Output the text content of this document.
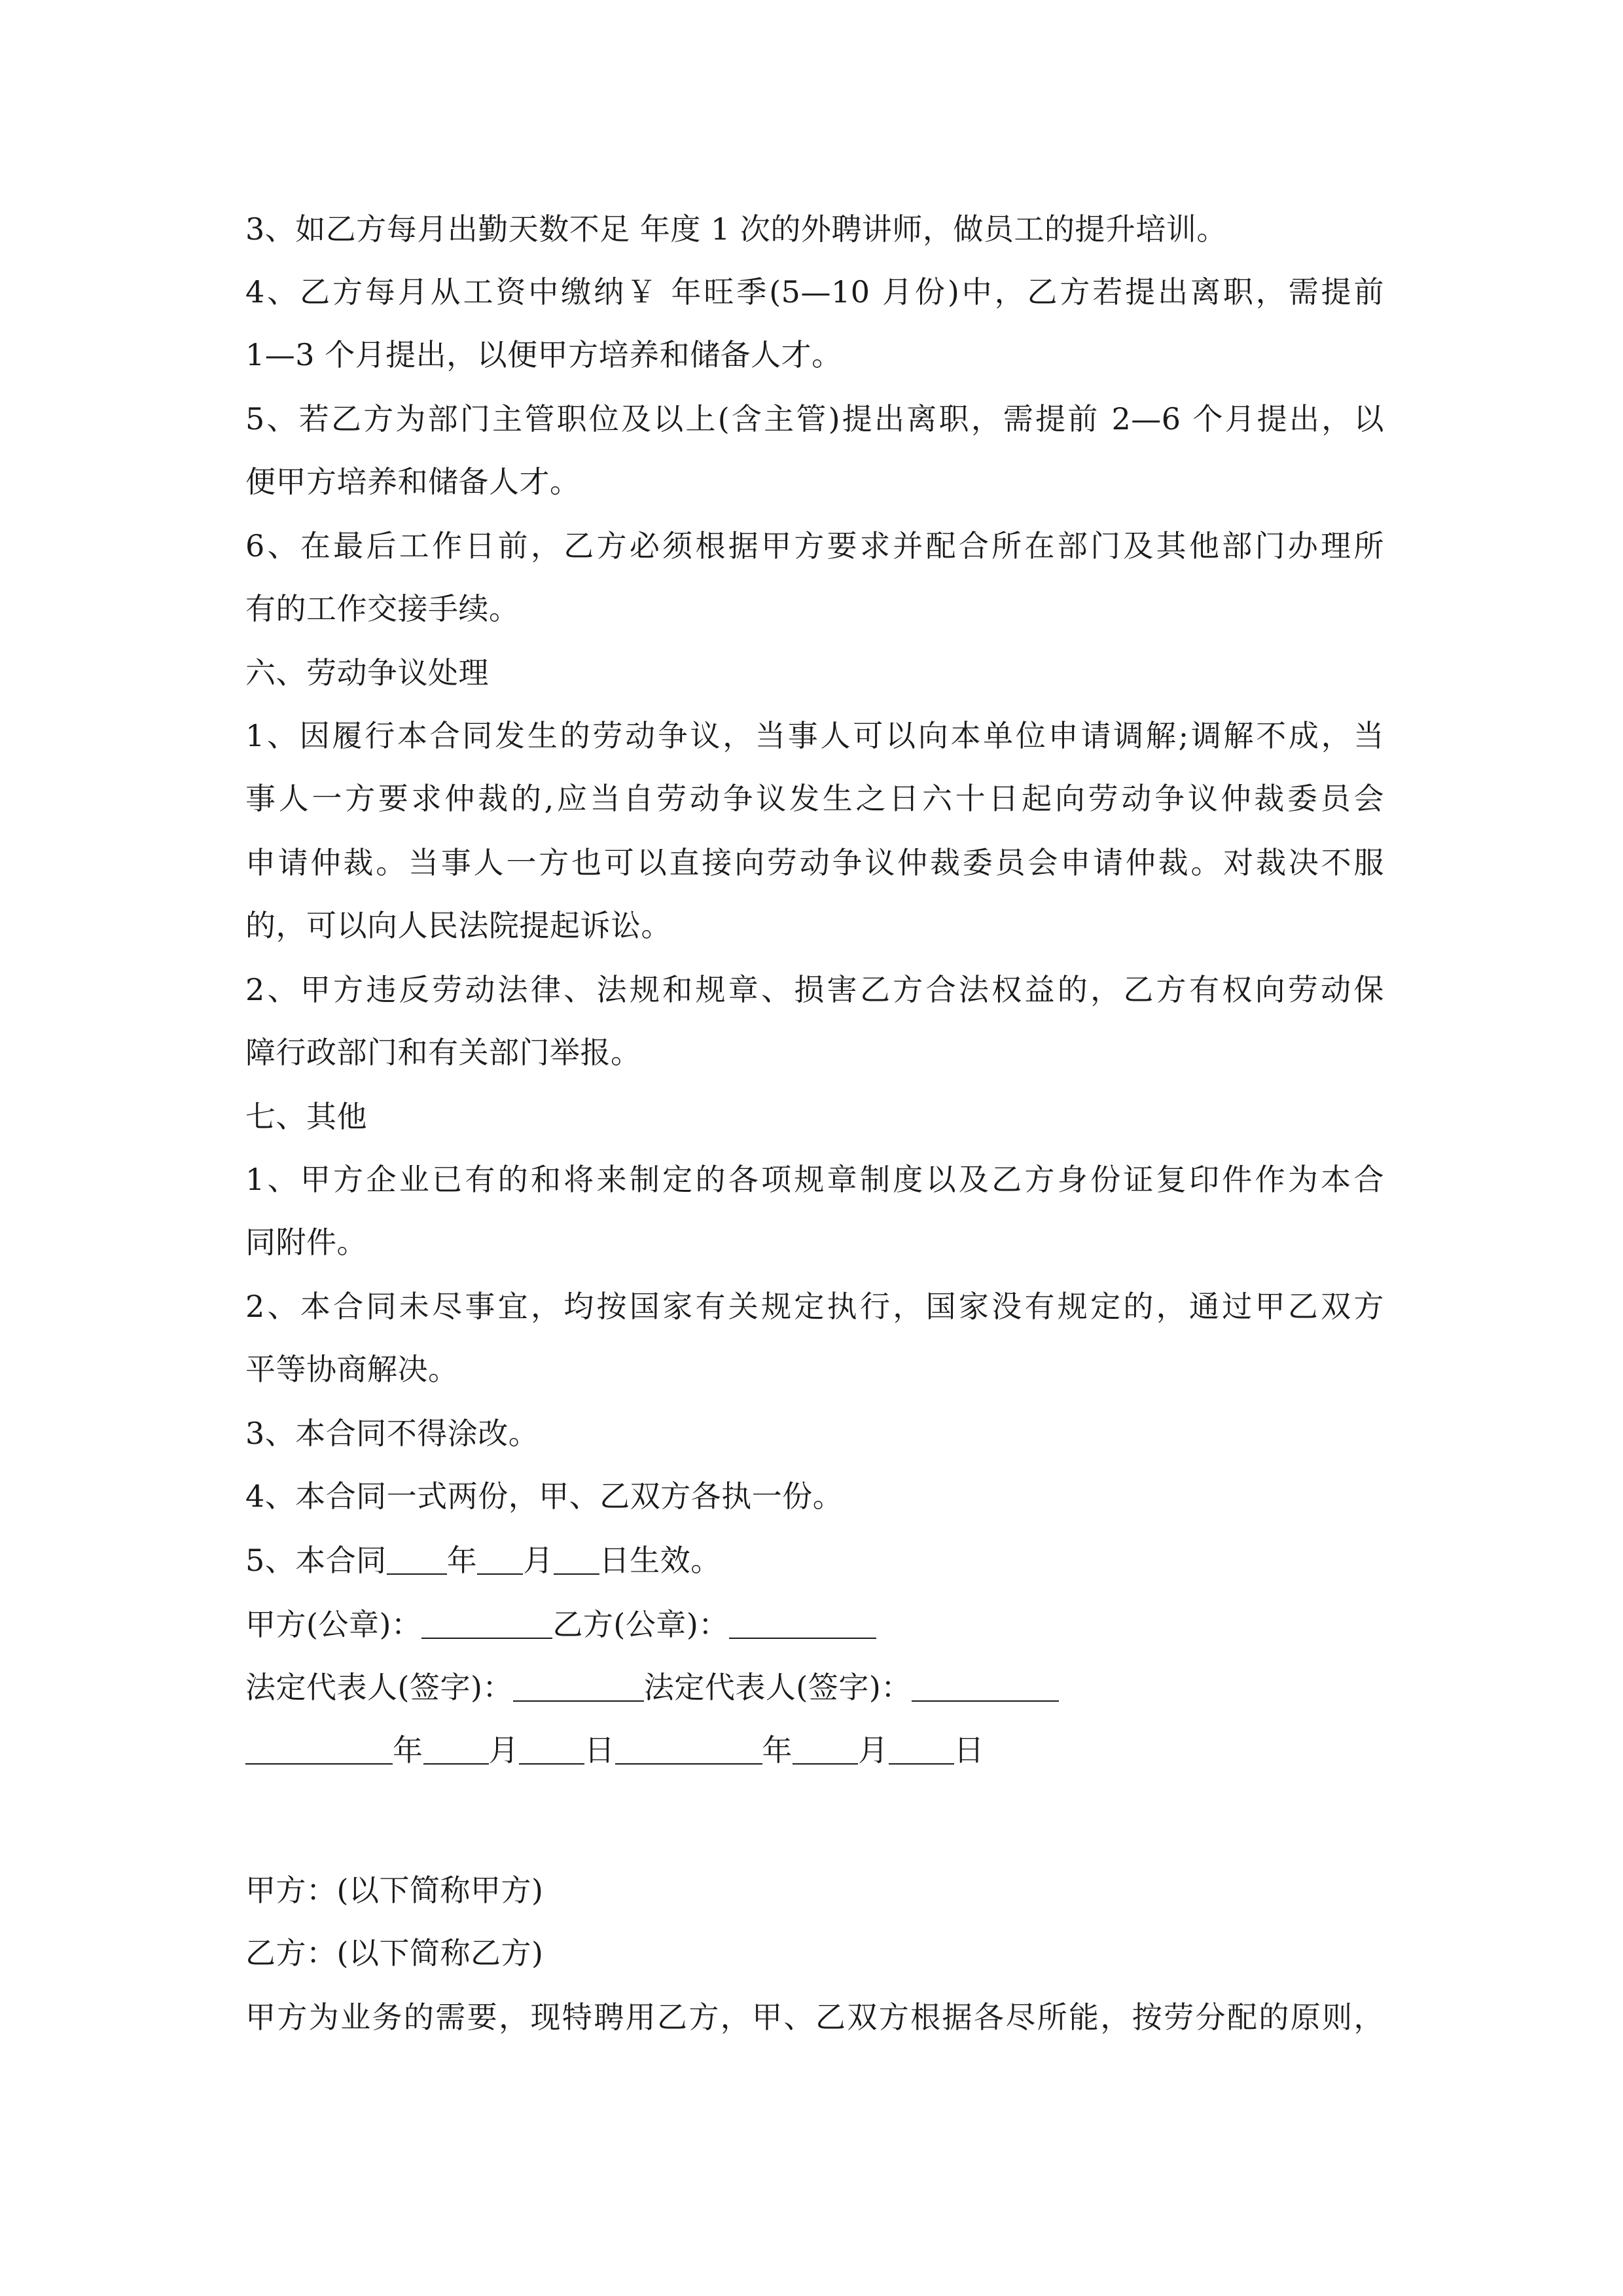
3、如乙方每月出勤天数不足 年度 1 次的外聘讲师，做员工的提升培训。
4、乙方每月从工资中缴纳￥ 年旺季(5—10 月份)中，乙方若提出离职，需提前
1—3 个月提出，以便甲方培养和储备人才。
5、若乙方为部门主管职位及以上(含主管)提出离职，需提前 2—6 个月提出，以
便甲方培养和储备人才。
6、在最后工作日前，乙方必须根据甲方要求并配合所在部门及其他部门办理所
有的工作交接手续。
六、劳动争议处理
1、因履行本合同发生的劳动争议，当事人可以向本单位申请调解;调解不成，当
事人一方要求仲裁的,应当自劳动争议发生之日六十日起向劳动争议仲裁委员会
申请仲裁。当事人一方也可以直接向劳动争议仲裁委员会申请仲裁。对裁决不服
的，可以向人民法院提起诉讼。
2、甲方违反劳动法律、法规和规章、损害乙方合法权益的，乙方有权向劳动保
障行政部门和有关部门举报。
七、其他
1、甲方企业已有的和将来制定的各项规章制度以及乙方身份证复印件作为本合
同附件。
2、本合同未尽事宜，均按国家有关规定执行，国家没有规定的，通过甲乙双方
平等协商解决。
3、本合同不得涂改。
4、本合同一式两份，甲、乙双方各执一份。
5、本合同 年 月 日生效。
甲方(公章)：	乙方(公章)：
法定代表人(签字)：	法定代表人(签字)：
年 月 日	年 月 日
甲方：(以下简称甲方)
乙方：(以下简称乙方)
甲方为业务的需要，现特聘用乙方，甲、乙双方根据各尽所能，按劳分配的原则，
